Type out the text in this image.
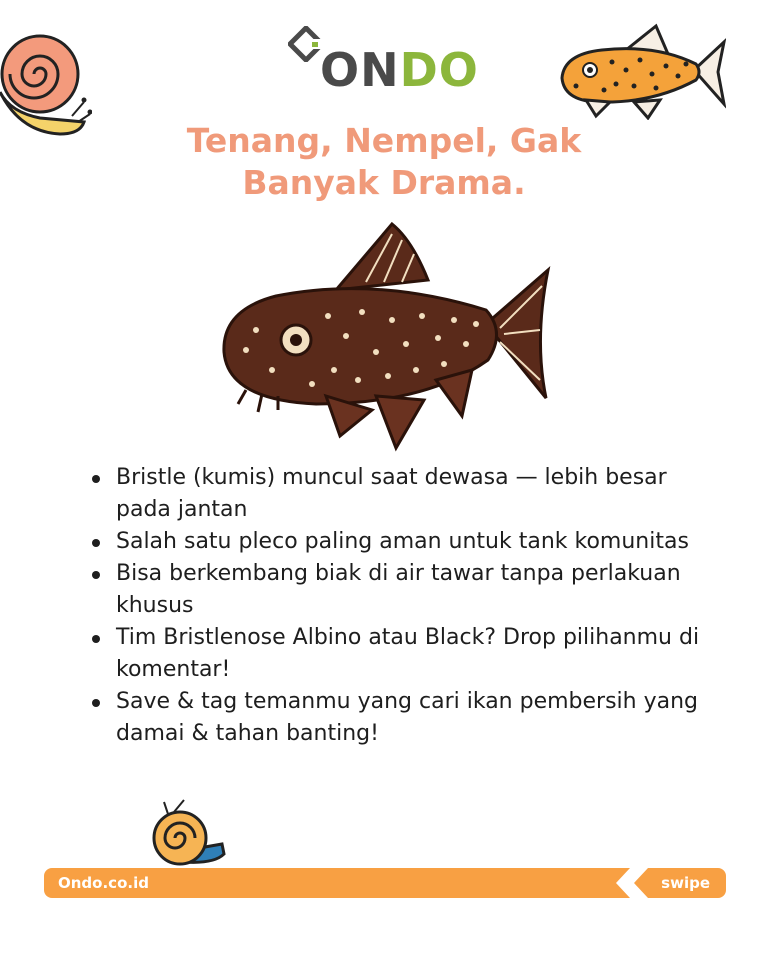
ONDO
Tenang, Nempel, Gak Banyak Drama.
Bristle (kumis) muncul saat dewasa — lebih besar pada jantan
Salah satu pleco paling aman untuk tank komunitas
Bisa berkembang biak di air tawar tanpa perlakuan khusus
Tim Bristlenose Albino atau Black? Drop pilihanmu di komentar!
Save & tag temanmu yang cari ikan pembersih yang damai & tahan banting!
Ondo.co.id	swipe
